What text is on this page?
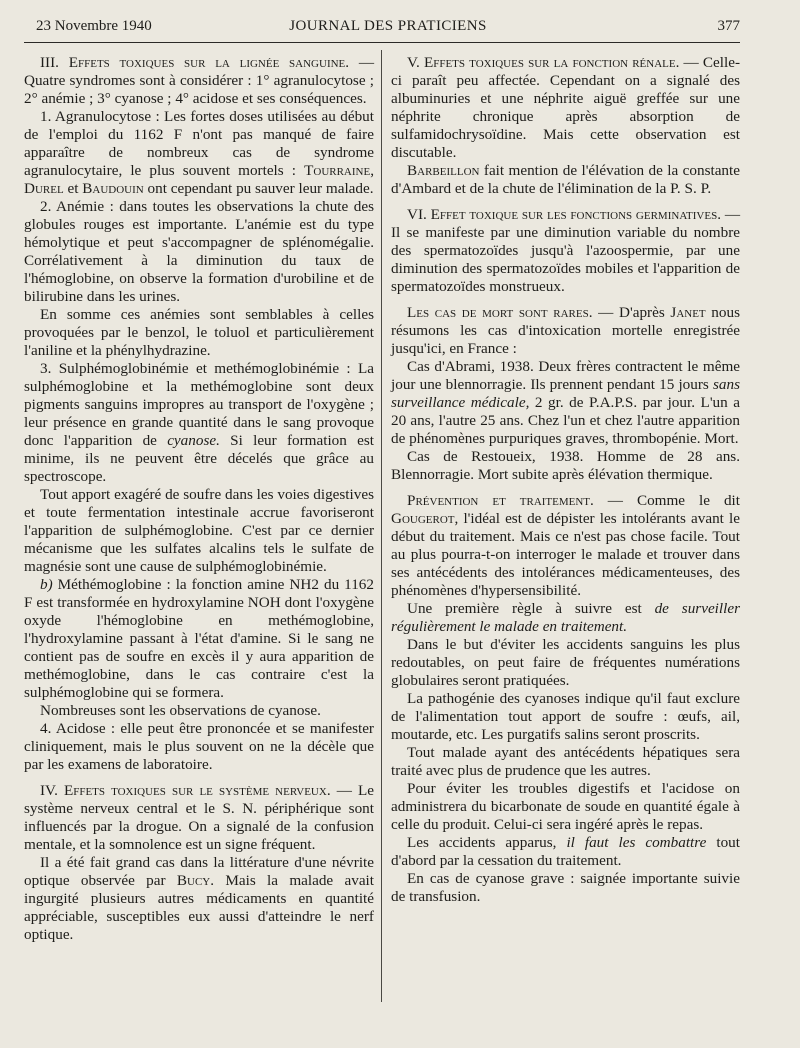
23 Novembre 1940	JOURNAL DES PRATICIENS	377

III. Effets toxiques sur la lignée sanguine. — Quatre syndromes sont à considérer : 1° agranulocytose ; 2° anémie ; 3° cyanose ; 4° acidose et ses conséquences.

1. Agranulocytose : Les fortes doses utilisées au début de l'emploi du 1162 F n'ont pas manqué de faire apparaître de nombreux cas de syndrome agranulocytaire, le plus souvent mortels : Tourraine, Durel et Baudouin ont cependant pu sauver leur malade.

2. Anémie : dans toutes les observations la chute des globules rouges est importante. L'anémie est du type hémolytique et peut s'accompagner de splénomégalie. Corrélativement à la diminution du taux de l'hémoglobine, on observe la formation d'urobiline et de bilirubine dans les urines.

En somme ces anémies sont semblables à celles provoquées par le benzol, le toluol et particulièrement l'aniline et la phénylhydrazine.

3. Sulphémoglobinémie et methémoglobinémie : La sulphémoglobine et la methémoglobine sont deux pigments sanguins impropres au transport de l'oxygène ; leur présence en grande quantité dans le sang provoque donc l'apparition de cyanose. Si leur formation est minime, ils ne peuvent être décelés que grâce au spectroscope.

Tout apport exagéré de soufre dans les voies digestives et toute fermentation intestinale accrue favoriseront l'apparition de sulphémoglobine. C'est par ce dernier mécanisme que les sulfates alcalins tels le sulfate de magnésie sont une cause de sulphémoglobinémie.

b) Méthémoglobine : la fonction amine NH2 du 1162 F est transformée en hydroxylamine NOH dont l'oxygène oxyde l'hémoglobine en methémoglobine, l'hydroxylamine passant à l'état d'amine. Si le sang ne contient pas de soufre en excès il y aura apparition de methémoglobine, dans le cas contraire c'est la sulphémoglobine qui se formera.

Nombreuses sont les observations de cyanose.

4. Acidose : elle peut être prononcée et se manifester cliniquement, mais le plus souvent on ne la décèle que par les examens de laboratoire.

IV. Effets toxiques sur le système nerveux. — Le système nerveux central et le S. N. périphérique sont influencés par la drogue. On a signalé de la confusion mentale, et la somnolence est un signe fréquent.

Il a été fait grand cas dans la littérature d'une névrite optique observée par Bucy. Mais la malade avait ingurgité plusieurs autres médicaments en quantité appréciable, susceptibles eux aussi d'atteindre le nerf optique.

V. Effets toxiques sur la fonction rénale. — Celle-ci paraît peu affectée. Cependant on a signalé des albuminuries et une néphrite aiguë greffée sur une néphrite chronique après absorption de sulfamidochrysoïdine. Mais cette observation est discutable.

Barbeillon fait mention de l'élévation de la constante d'Ambard et de la chute de l'élimination de la P. S. P.

VI. Effet toxique sur les fonctions germinatives. — Il se manifeste par une diminution variable du nombre des spermatozoïdes jusqu'à l'azoospermie, par une diminution des spermatozoïdes mobiles et l'apparition de spermatozoïdes monstrueux.

Les cas de mort sont rares. — D'après Janet nous résumons les cas d'intoxication mortelle enregistrée jusqu'ici, en France :

Cas d'Abrami, 1938. Deux frères contractent le même jour une blennorragie. Ils prennent pendant 15 jours sans surveillance médicale, 2 gr. de P.A.P.S. par jour. L'un a 20 ans, l'autre 25 ans. Chez l'un et chez l'autre apparition de phénomènes purpuriques graves, thrombopénie. Mort.

Cas de Restoueix, 1938. Homme de 28 ans. Blennorragie. Mort subite après élévation thermique.

Prévention et traitement. — Comme le dit Gougerot, l'idéal est de dépister les intolérants avant le début du traitement. Mais ce n'est pas chose facile. Tout au plus pourra-t-on interroger le malade et trouver dans ses antécédents des intolérances médicamenteuses, des phénomènes d'hypersensibilité.

Une première règle à suivre est de surveiller régulièrement le malade en traitement.

Dans le but d'éviter les accidents sanguins les plus redoutables, on peut faire de fréquentes numérations globulaires seront pratiquées.

La pathogénie des cyanoses indique qu'il faut exclure de l'alimentation tout apport de soufre : œufs, ail, moutarde, etc. Les purgatifs salins seront proscrits.

Tout malade ayant des antécédents hépatiques sera traité avec plus de prudence que les autres.

Pour éviter les troubles digestifs et l'acidose on administrera du bicarbonate de soude en quantité égale à celle du produit. Celui-ci sera ingéré après le repas.

Les accidents apparus, il faut les combattre tout d'abord par la cessation du traitement.

En cas de cyanose grave : saignée importante suivie de transfusion.
